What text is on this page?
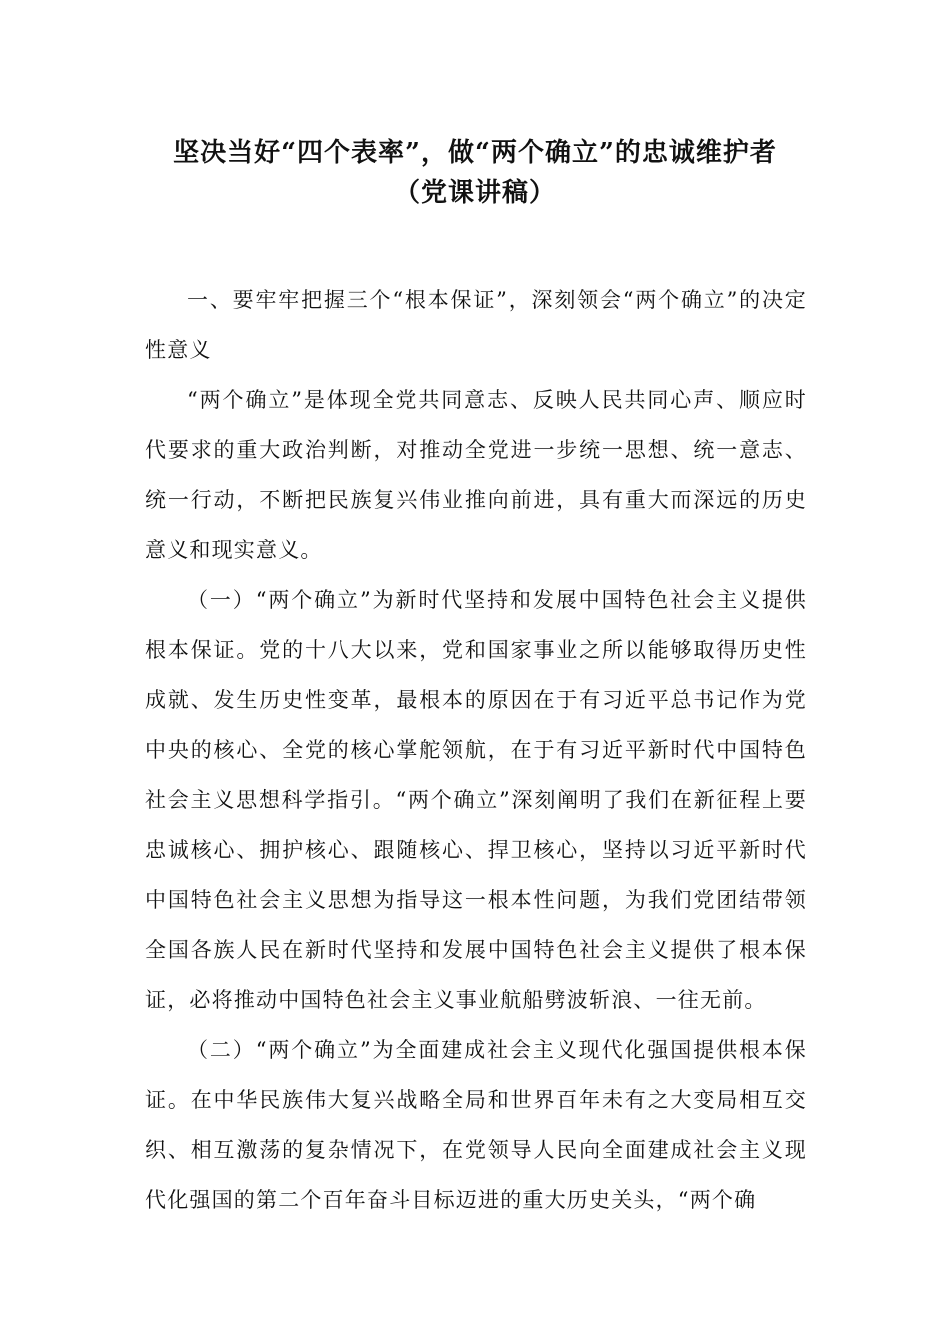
坚决当好“四个表率”，做“两个确立”的忠诚维护者
（党课讲稿）

一、要牢牢把握三个“根本保证”，深刻领会“两个确立”的决定性意义

“两个确立”是体现全党共同意志、反映人民共同心声、顺应时代要求的重大政治判断，对推动全党进一步统一思想、统一意志、统一行动，不断把民族复兴伟业推向前进，具有重大而深远的历史意义和现实意义。

（一）“两个确立”为新时代坚持和发展中国特色社会主义提供根本保证。党的十八大以来，党和国家事业之所以能够取得历史性成就、发生历史性变革，最根本的原因在于有习近平总书记作为党中央的核心、全党的核心掌舵领航，在于有习近平新时代中国特色社会主义思想科学指引。“两个确立”深刻阐明了我们在新征程上要忠诚核心、拥护核心、跟随核心、捍卫核心，坚持以习近平新时代中国特色社会主义思想为指导这一根本性问题，为我们党团结带领全国各族人民在新时代坚持和发展中国特色社会主义提供了根本保证，必将推动中国特色社会主义事业航船劈波斩浪、一往无前。

（二）“两个确立”为全面建成社会主义现代化强国提供根本保证。在中华民族伟大复兴战略全局和世界百年未有之大变局相互交织、相互激荡的复杂情况下，在党领导人民向全面建成社会主义现代化强国的第二个百年奋斗目标迈进的重大历史关头，“两个确
